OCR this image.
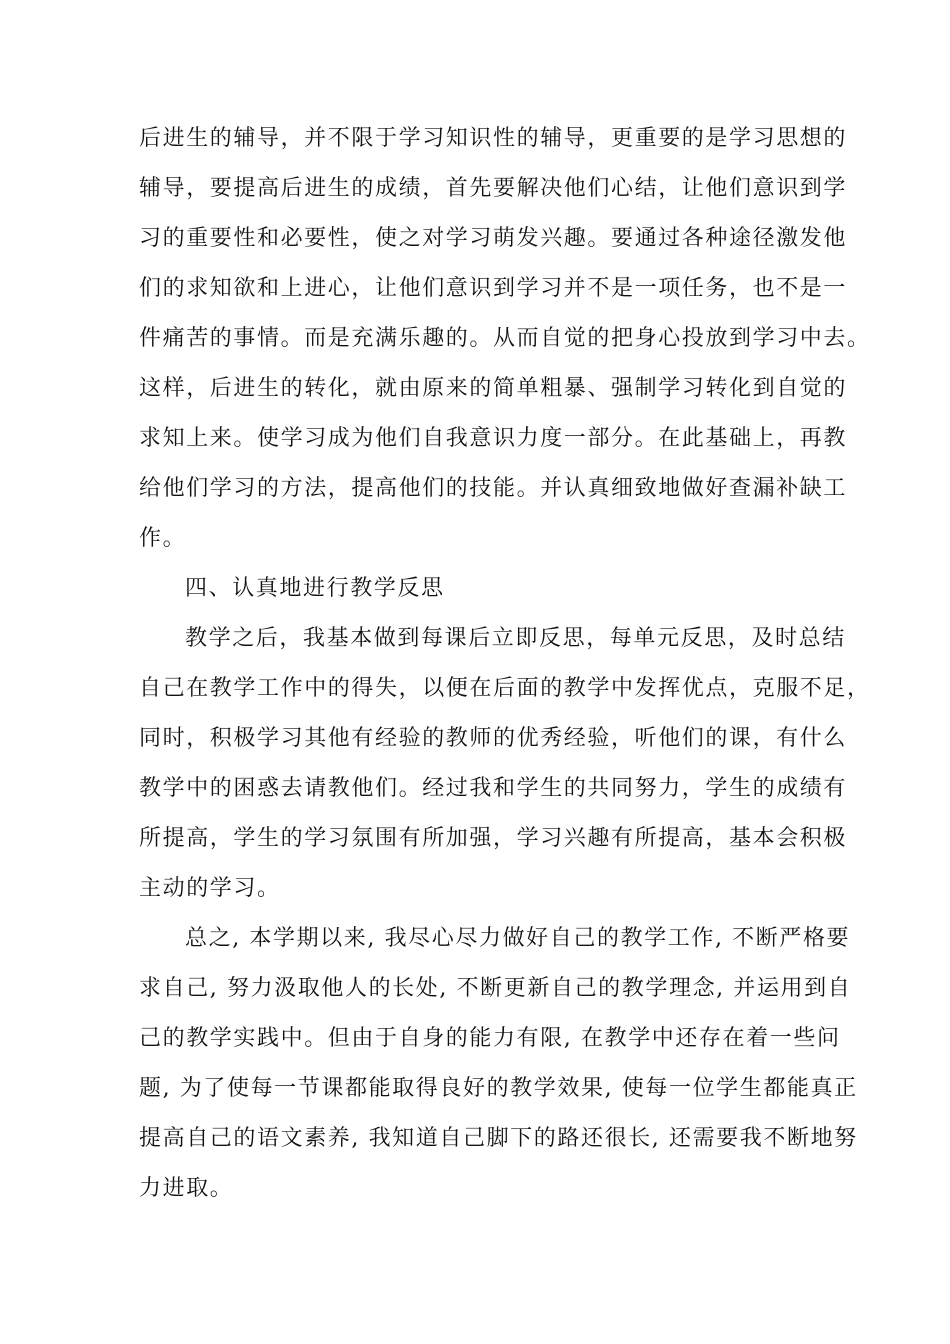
后进生的辅导，并不限于学习知识性的辅导，更重要的是学习思想的
辅导，要提高后进生的成绩，首先要解决他们心结，让他们意识到学
习的重要性和必要性，使之对学习萌发兴趣。要通过各种途径激发他
们的求知欲和上进心，让他们意识到学习并不是一项任务，也不是一
件痛苦的事情。而是充满乐趣的。从而自觉的把身心投放到学习中去。
这样，后进生的转化，就由原来的简单粗暴、强制学习转化到自觉的
求知上来。使学习成为他们自我意识力度一部分。在此基础上，再教
给他们学习的方法，提高他们的技能。并认真细致地做好查漏补缺工
作。
四、认真地进行教学反思
教学之后，我基本做到每课后立即反思，每单元反思，及时总结
自己在教学工作中的得失，以便在后面的教学中发挥优点，克服不足，
同时，积极学习其他有经验的教师的优秀经验，听他们的课，有什么
教学中的困惑去请教他们。经过我和学生的共同努力，学生的成绩有
所提高，学生的学习氛围有所加强，学习兴趣有所提高，基本会积极
主动的学习。
总之, 本学期以来, 我尽心尽力做好自己的教学工作, 不断严格要
求自己, 努力汲取他人的长处, 不断更新自己的教学理念, 并运用到自
己的教学实践中。但由于自身的能力有限, 在教学中还存在着一些问
题, 为了使每一节课都能取得良好的教学效果, 使每一位学生都能真正
提高自己的语文素养, 我知道自己脚下的路还很长, 还需要我不断地努
力进取。
